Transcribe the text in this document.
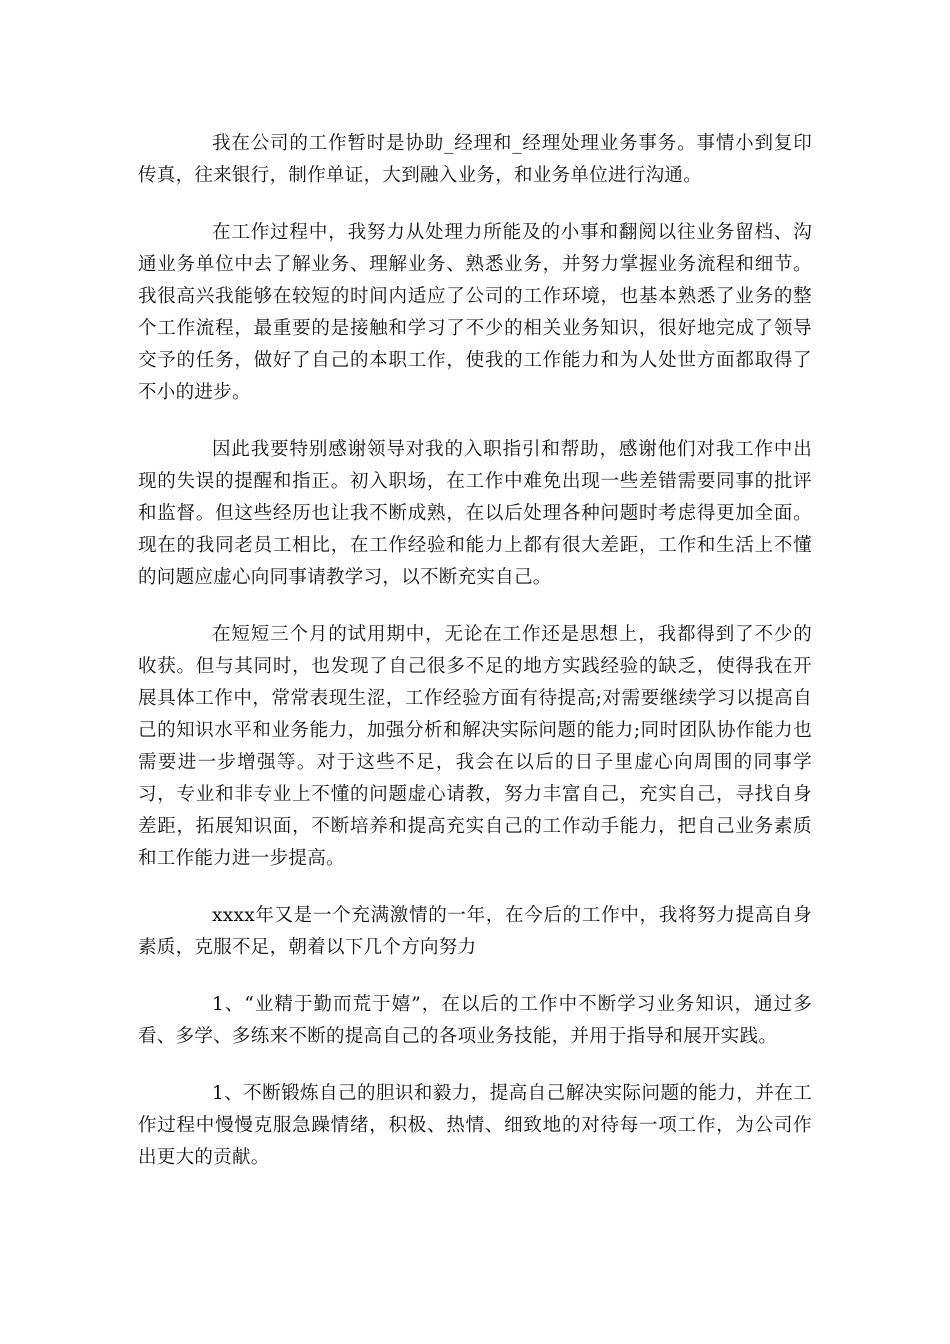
我在公司的工作暂时是协助_经理和_经理处理业务事务。事情小到复印传真，往来银行，制作单证，大到融入业务，和业务单位进行沟通。

在工作过程中，我努力从处理力所能及的小事和翻阅以往业务留档、沟通业务单位中去了解业务、理解业务、熟悉业务，并努力掌握业务流程和细节。我很高兴我能够在较短的时间内适应了公司的工作环境，也基本熟悉了业务的整个工作流程，最重要的是接触和学习了不少的相关业务知识，很好地完成了领导交予的任务，做好了自己的本职工作，使我的工作能力和为人处世方面都取得了不小的进步。

因此我要特别感谢领导对我的入职指引和帮助，感谢他们对我工作中出现的失误的提醒和指正。初入职场，在工作中难免出现一些差错需要同事的批评和监督。但这些经历也让我不断成熟，在以后处理各种问题时考虑得更加全面。现在的我同老员工相比，在工作经验和能力上都有很大差距，工作和生活上不懂的问题应虚心向同事请教学习，以不断充实自己。

在短短三个月的试用期中，无论在工作还是思想上，我都得到了不少的收获。但与其同时，也发现了自己很多不足的地方实践经验的缺乏，使得我在开展具体工作中，常常表现生涩，工作经验方面有待提高;对需要继续学习以提高自己的知识水平和业务能力，加强分析和解决实际问题的能力;同时团队协作能力也需要进一步增强等。对于这些不足，我会在以后的日子里虚心向周围的同事学习，专业和非专业上不懂的问题虚心请教，努力丰富自己，充实自己，寻找自身差距，拓展知识面，不断培养和提高充实自己的工作动手能力，把自己业务素质和工作能力进一步提高。

xxxx年又是一个充满激情的一年，在今后的工作中，我将努力提高自身素质，克服不足，朝着以下几个方向努力

1、“业精于勤而荒于嬉”，在以后的工作中不断学习业务知识，通过多看、多学、多练来不断的提高自己的各项业务技能，并用于指导和展开实践。

1、不断锻炼自己的胆识和毅力，提高自己解决实际问题的能力，并在工作过程中慢慢克服急躁情绪，积极、热情、细致地的对待每一项工作，为公司作出更大的贡献。
